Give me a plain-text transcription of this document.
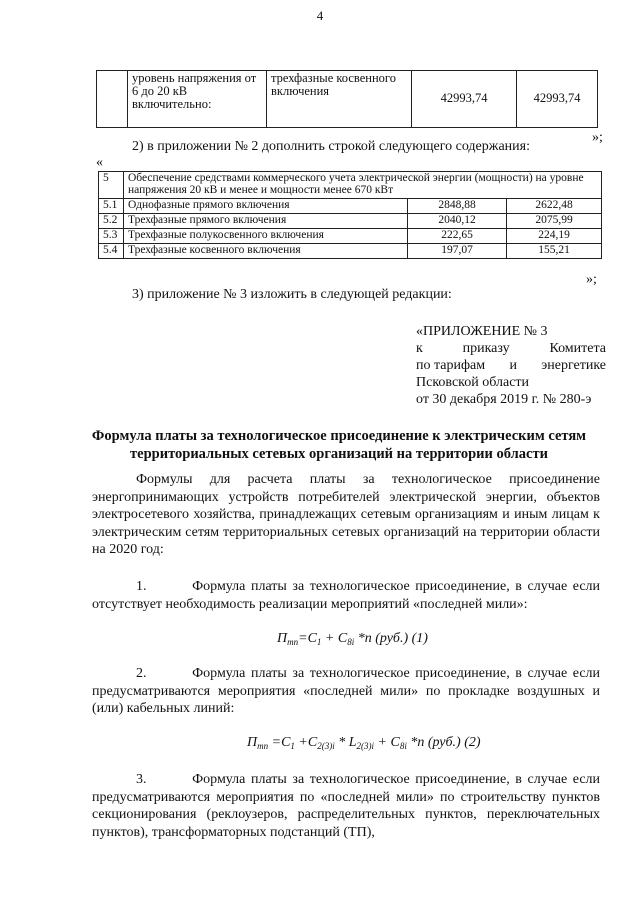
4
	уровень напряжения от 6 до 20 кВ включительно:	трехфазные косвенного включения	42993,74	42993,74
»;
2) в приложении № 2 дополнить строкой следующего содержания:
«
5	Обеспечение средствами коммерческого учета электрической энергии (мощности) на уровне напряжения 20 кВ и менее и мощности менее 670 кВт		
5.1	Однофазные прямого включения	2848,88	2622,48
5.2	Трехфазные прямого включения	2040,12	2075,99
5.3	Трехфазные полукосвенного включения	222,65	224,19
5.4	Трехфазные косвенного включения	197,07	155,21
»;
3) приложение № 3 изложить в следующей редакции:
«ПРИЛОЖЕНИЕ № 3
к	приказу	Комитета
по тарифам и энергетике
Псковской области
от 30 декабря 2019 г. № 280-э
Формула платы за технологическое присоединение к электрическим сетям территориальных сетевых организаций на территории области
Формулы для расчета платы за технологическое присоединение энергопринимающих устройств потребителей электрической энергии, объектов электросетевого хозяйства, принадлежащих сетевым организациям и иным лицам к электрическим сетям территориальных сетевых организаций на территории области на 2020 год:
1.	Формула платы за технологическое присоединение, в случае если отсутствует необходимость реализации мероприятий «последней мили»:
$П_{тп}=C_1 + C_{8i}$ *n (руб.) (1)
2.	Формула платы за технологическое присоединение, в случае если предусматриваются мероприятия «последней мили» по прокладке воздушных и (или) кабельных линий:
$П_{тп} =C_1 +C_{2(3)i} * L_{2(3)i} + C_{8i}$ *n (руб.) (2)
3.	Формула платы за технологическое присоединение, в случае если предусматриваются мероприятия по «последней мили» по строительству пунктов секционирования (реклоузеров, распределительных пунктов, переключательных пунктов), трансформаторных подстанций (ТП),
